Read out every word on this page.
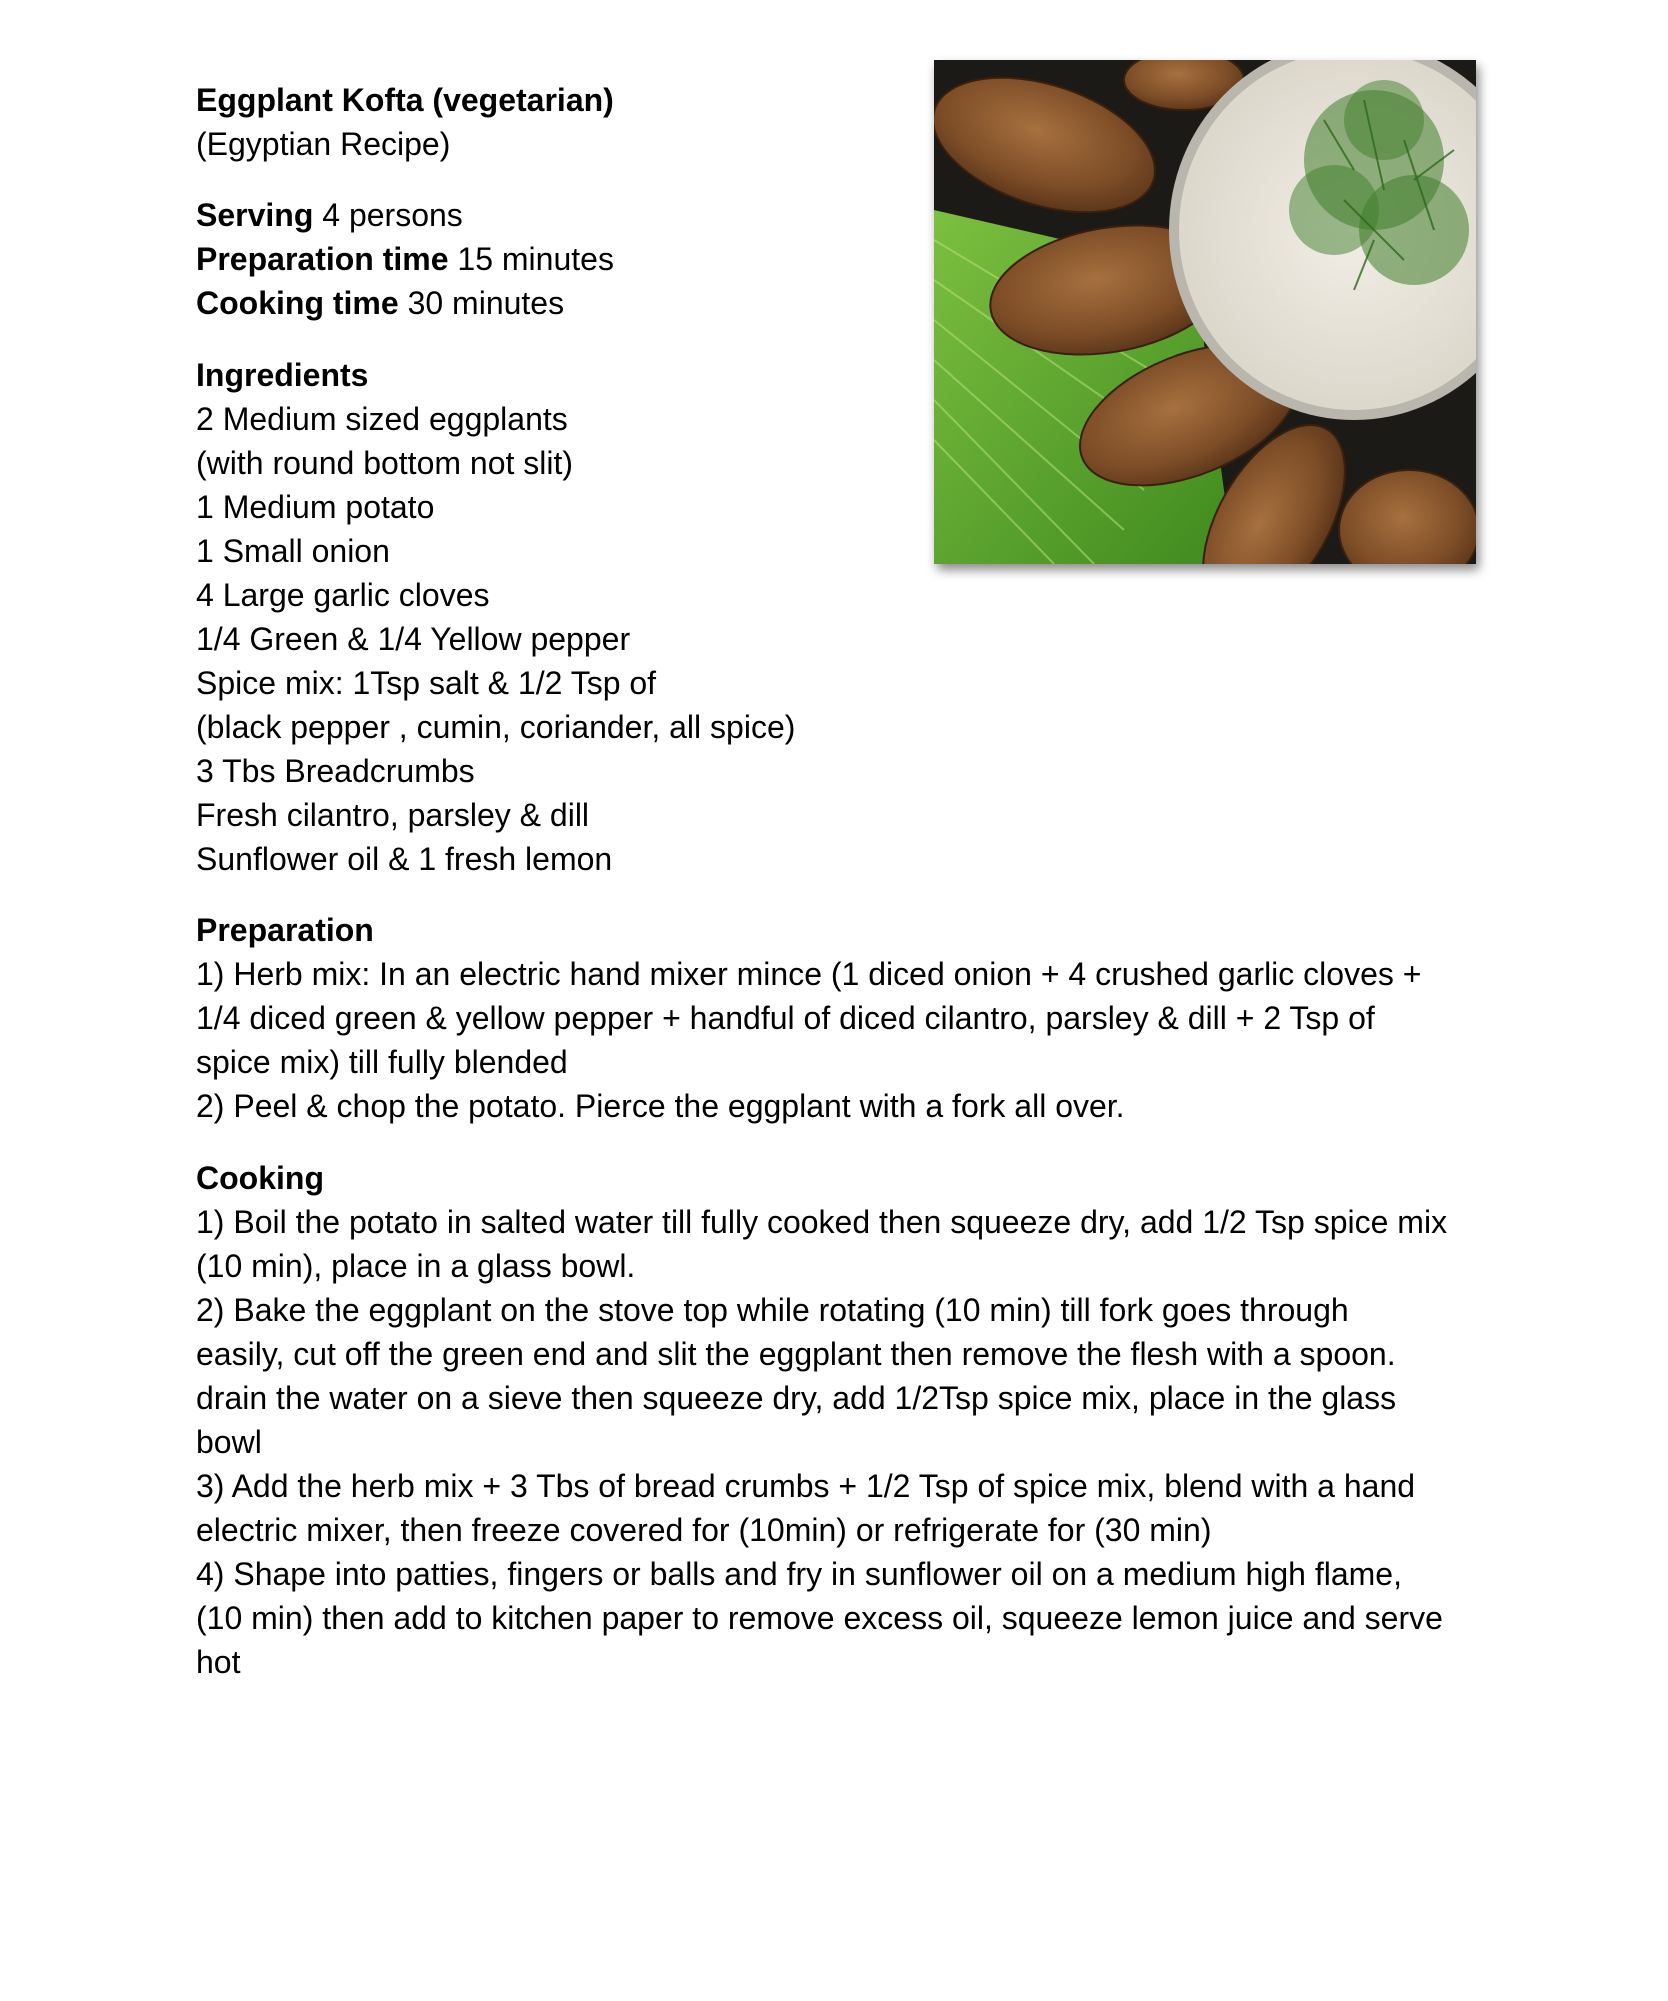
Eggplant Kofta (vegetarian)

(Egyptian Recipe)

Serving 4 persons

Preparation time 15 minutes

Cooking time 30 minutes

Ingredients

2 Medium sized eggplants

(with round bottom not slit)

1 Medium potato

1 Small onion

4 Large garlic cloves

1/4 Green & 1/4 Yellow pepper

Spice mix: 1Tsp salt & 1/2 Tsp of

(black pepper , cumin, coriander, all spice)

3 Tbs Breadcrumbs

Fresh cilantro, parsley & dill

Sunflower oil & 1 fresh lemon

Preparation

1) Herb mix: In an electric hand mixer mince (1 diced onion + 4 crushed garlic cloves +

1/4 diced green & yellow pepper + handful of diced cilantro, parsley & dill + 2 Tsp of

spice mix) till fully blended

2) Peel & chop the potato. Pierce the eggplant with a fork all over.

Cooking

1) Boil the potato in salted water till fully cooked then squeeze dry, add 1/2 Tsp spice mix

(10 min), place in a glass bowl.

2) Bake the eggplant on the stove top while rotating (10 min) till fork goes through

easily, cut off the green end and slit the eggplant then remove the flesh with a spoon.

drain the water on a sieve then squeeze dry, add 1/2Tsp spice mix, place in the glass

bowl

3) Add the herb mix + 3 Tbs of bread crumbs + 1/2 Tsp of spice mix, blend with a hand

electric mixer, then freeze covered for (10min) or refrigerate for (30 min)

4) Shape into patties, fingers or balls and fry in sunflower oil on a medium high flame,

(10 min) then add to kitchen paper to remove excess oil, squeeze lemon juice and serve

hot
